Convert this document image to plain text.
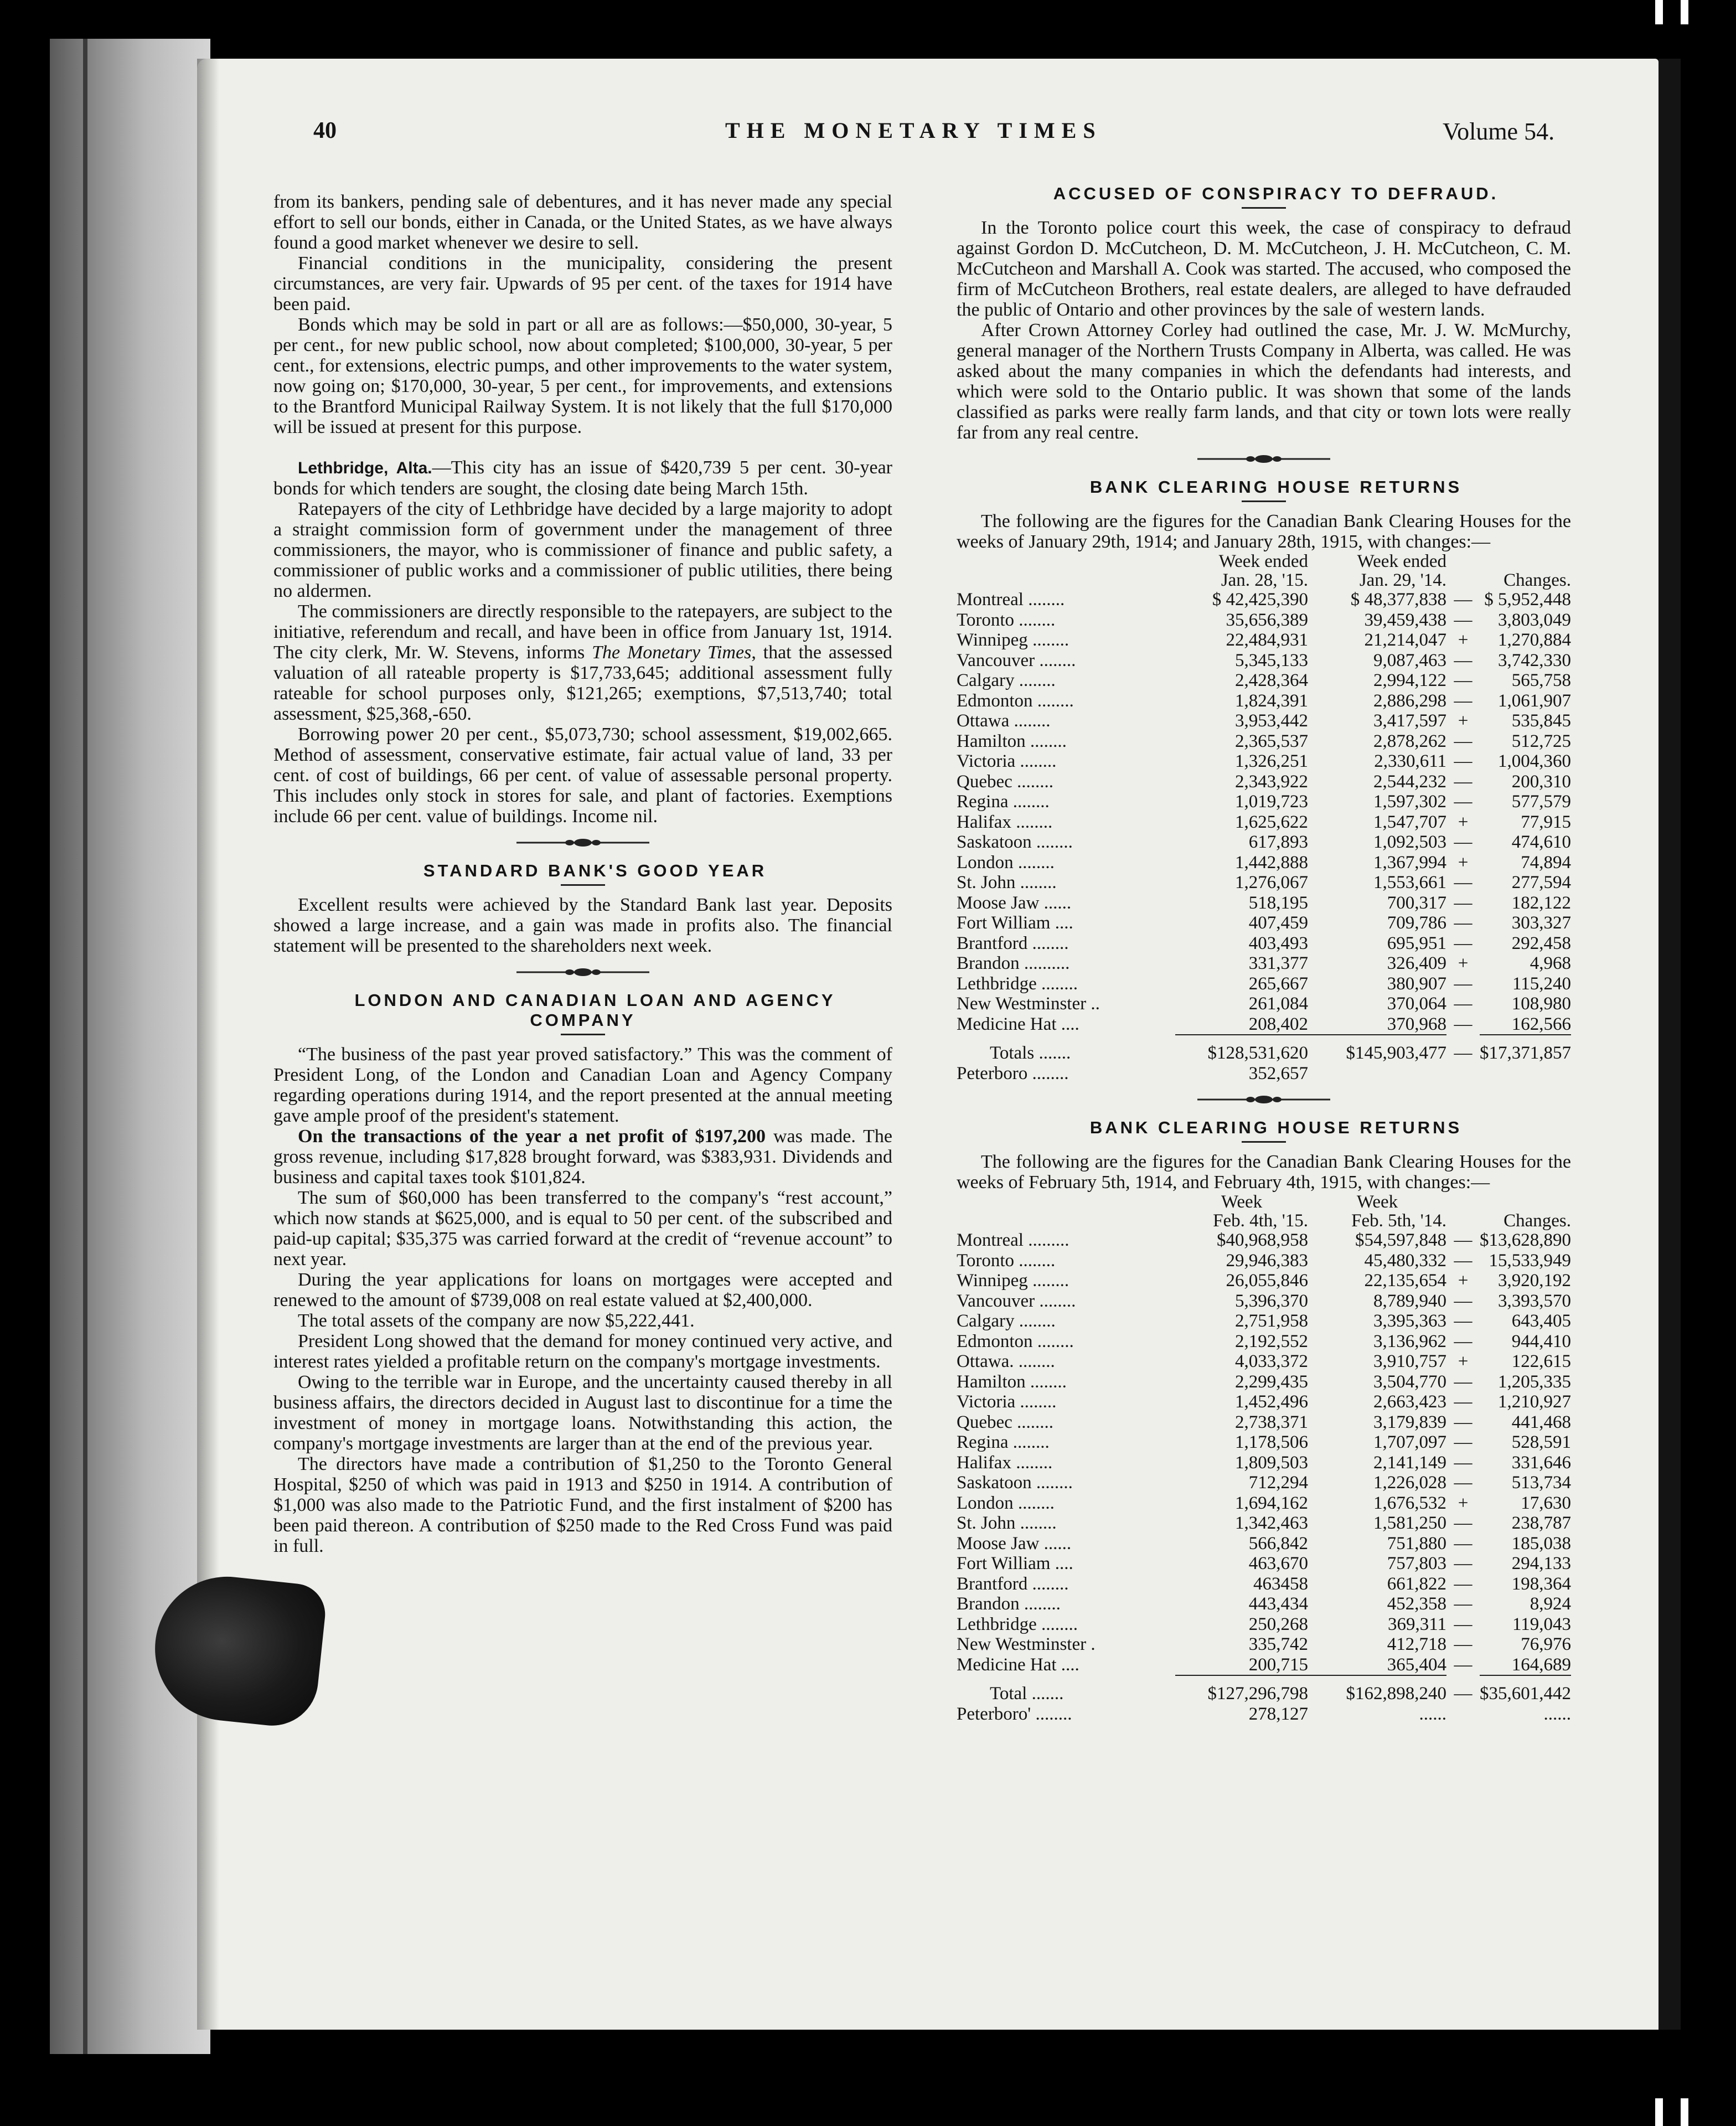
40	THE MONETARY TIMES	Volume 54.

from its bankers, pending sale of debentures, and it has never made any special effort to sell our bonds, either in Canada, or the United States, as we have always found a good market whenever we desire to sell.

Financial conditions in the municipality, considering the present circumstances, are very fair. Upwards of 95 per cent. of the taxes for 1914 have been paid.

Bonds which may be sold in part or all are as follows:—$50,000, 30-year, 5 per cent., for new public school, now about completed; $100,000, 30-year, 5 per cent., for extensions, electric pumps, and other improvements to the water system, now going on; $170,000, 30-year, 5 per cent., for improvements, and extensions to the Brantford Municipal Railway System. It is not likely that the full $170,000 will be issued at present for this purpose.

Lethbridge, Alta.—This city has an issue of $420,739 5 per cent. 30-year bonds for which tenders are sought, the closing date being March 15th.

Ratepayers of the city of Lethbridge have decided by a large majority to adopt a straight commission form of government under the management of three commissioners, the mayor, who is commissioner of finance and public safety, a commissioner of public works and a commissioner of public utilities, there being no aldermen.

The commissioners are directly responsible to the ratepayers, are subject to the initiative, referendum and recall, and have been in office from January 1st, 1914. The city clerk, Mr. W. Stevens, informs The Monetary Times, that the assessed valuation of all rateable property is $17,733,645; additional assessment fully rateable for school purposes only, $121,265; exemptions, $7,513,740; total assessment, $25,368,-650.

Borrowing power 20 per cent., $5,073,730; school assessment, $19,002,665. Method of assessment, conservative estimate, fair actual value of land, 33 per cent. of cost of buildings, 66 per cent. of value of assessable personal property. This includes only stock in stores for sale, and plant of factories. Exemptions include 66 per cent. value of buildings. Income nil.

STANDARD BANK'S GOOD YEAR

Excellent results were achieved by the Standard Bank last year. Deposits showed a large increase, and a gain was made in profits also. The financial statement will be presented to the shareholders next week.

LONDON AND CANADIAN LOAN AND AGENCY COMPANY

“The business of the past year proved satisfactory.” This was the comment of President Long, of the London and Canadian Loan and Agency Company regarding operations during 1914, and the report presented at the annual meeting gave ample proof of the president's statement.

On the transactions of the year a net profit of $197,200 was made. The gross revenue, including $17,828 brought forward, was $383,931. Dividends and business and capital taxes took $101,824.

The sum of $60,000 has been transferred to the company's “rest account,” which now stands at $625,000, and is equal to 50 per cent. of the subscribed and paid-up capital; $35,375 was carried forward at the credit of “revenue account” to next year.

During the year applications for loans on mortgages were accepted and renewed to the amount of $739,008 on real estate valued at $2,400,000.

The total assets of the company are now $5,222,441.

President Long showed that the demand for money continued very active, and interest rates yielded a profitable return on the company's mortgage investments.

Owing to the terrible war in Europe, and the uncertainty caused thereby in all business affairs, the directors decided in August last to discontinue for a time the investment of money in mortgage loans. Notwithstanding this action, the company's mortgage investments are larger than at the end of the previous year.

The directors have made a contribution of $1,250 to the Toronto General Hospital, $250 of which was paid in 1913 and $250 in 1914. A contribution of $1,000 was also made to the Patriotic Fund, and the first instalment of $200 has been paid thereon. A contribution of $250 made to the Red Cross Fund was paid in full.

ACCUSED OF CONSPIRACY TO DEFRAUD.

In the Toronto police court this week, the case of conspiracy to defraud against Gordon D. McCutcheon, D. M. McCutcheon, J. H. McCutcheon, C. M. McCutcheon and Marshall A. Cook was started. The accused, who composed the firm of McCutcheon Brothers, real estate dealers, are alleged to have defrauded the public of Ontario and other provinces by the sale of western lands.

After Crown Attorney Corley had outlined the case, Mr. J. W. McMurchy, general manager of the Northern Trusts Company in Alberta, was called. He was asked about the many companies in which the defendants had interests, and which were sold to the Ontario public. It was shown that some of the lands classified as parks were really farm lands, and that city or town lots were really far from any real centre.

BANK CLEARING HOUSE RETURNS

The following are the figures for the Canadian Bank Clearing Houses for the weeks of January 29th, 1914; and January 28th, 1915, with changes:—

	Week ended	Week ended		
	Jan. 28, '15.	Jan. 29, '14.		Changes.
Montreal ........	$ 42,425,390	$ 48,377,838	—	$ 5,952,448
Toronto ........	35,656,389	39,459,438	—	3,803,049
Winnipeg ........	22,484,931	21,214,047	+	1,270,884
Vancouver ........	5,345,133	9,087,463	—	3,742,330
Calgary ........	2,428,364	2,994,122	—	565,758
Edmonton ........	1,824,391	2,886,298	—	1,061,907
Ottawa ........	3,953,442	3,417,597	+	535,845
Hamilton ........	2,365,537	2,878,262	—	512,725
Victoria ........	1,326,251	2,330,611	—	1,004,360
Quebec ........	2,343,922	2,544,232	—	200,310
Regina ........	1,019,723	1,597,302	—	577,579
Halifax ........	1,625,622	1,547,707	+	77,915
Saskatoon ........	617,893	1,092,503	—	474,610
London ........	1,442,888	1,367,994	+	74,894
St. John ........	1,276,067	1,553,661	—	277,594
Moose Jaw ......	518,195	700,317	—	182,122
Fort William ....	407,459	709,786	—	303,327
Brantford ........	403,493	695,951	—	292,458
Brandon ..........	331,377	326,409	+	4,968
Lethbridge ........	265,667	380,907	—	115,240
New Westminster ..	261,084	370,064	—	108,980
Medicine Hat ....	208,402	370,968	—	162,566
Totals .......	$128,531,620	$145,903,477	—	$17,371,857
Peterboro ........	352,657			

BANK CLEARING HOUSE RETURNS

The following are the figures for the Canadian Bank Clearing Houses for the weeks of February 5th, 1914, and February 4th, 1915, with changes:—

	Week	Week		
	Feb. 4th, '15.	Feb. 5th, '14.		Changes.
Montreal .........	$40,968,958	$54,597,848	—	$13,628,890
Toronto ........	29,946,383	45,480,332	—	15,533,949
Winnipeg ........	26,055,846	22,135,654	+	3,920,192
Vancouver ........	5,396,370	8,789,940	—	3,393,570
Calgary ........	2,751,958	3,395,363	—	643,405
Edmonton ........	2,192,552	3,136,962	—	944,410
Ottawa. ........	4,033,372	3,910,757	+	122,615
Hamilton ........	2,299,435	3,504,770	—	1,205,335
Victoria ........	1,452,496	2,663,423	—	1,210,927
Quebec ........	2,738,371	3,179,839	—	441,468
Regina ........	1,178,506	1,707,097	—	528,591
Halifax ........	1,809,503	2,141,149	—	331,646
Saskatoon ........	712,294	1,226,028	—	513,734
London ........	1,694,162	1,676,532	+	17,630
St. John ........	1,342,463	1,581,250	—	238,787
Moose Jaw ......	566,842	751,880	—	185,038
Fort William ....	463,670	757,803	—	294,133
Brantford ........	463458	661,822	—	198,364
Brandon ........	443,434	452,358	—	8,924
Lethbridge ........	250,268	369,311	—	119,043
New Westminster .	335,742	412,718	—	76,976
Medicine Hat ....	200,715	365,404	—	164,689
Total .......	$127,296,798	$162,898,240	—	$35,601,442
Peterboro' ........	278,127	......		......
